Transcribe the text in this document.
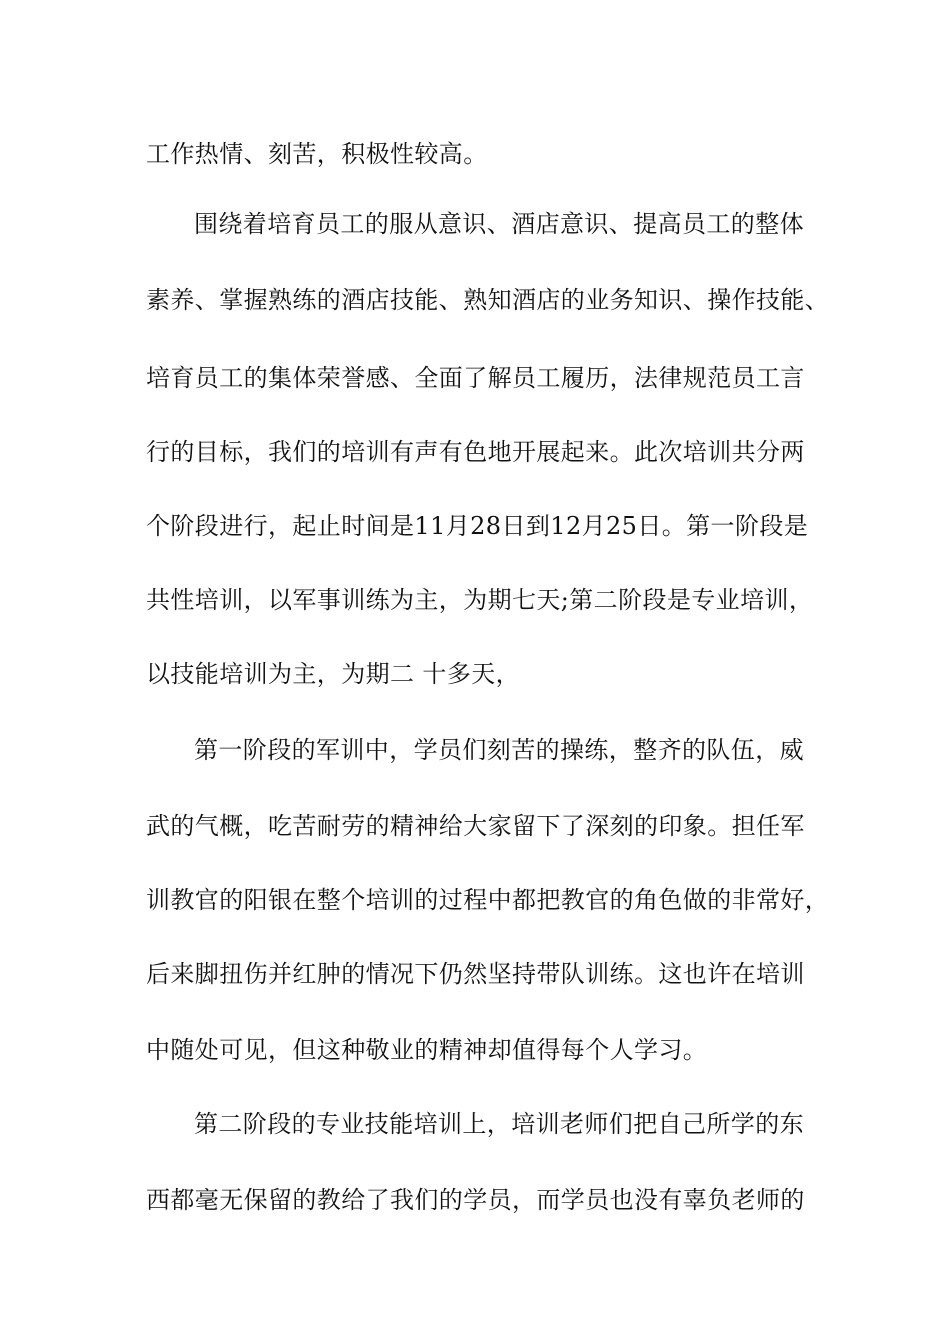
工作热情、刻苦，积极性较高。

围绕着培育员工的服从意识、酒店意识、提高员工的整体

素养、掌握熟练的酒店技能、熟知酒店的业务知识、操作技能、

培育员工的集体荣誉感、全面了解员工履历，法律规范员工言

行的目标，我们的培训有声有色地开展起来。此次培训共分两

个阶段进行，起止时间是11月28日到12月25日。第一阶段是

共性培训，以军事训练为主，为期七天;第二阶段是专业培训，

以技能培训为主，为期二 十多天，

第一阶段的军训中，学员们刻苦的操练，整齐的队伍，威

武的气概，吃苦耐劳的精神给大家留下了深刻的印象。担任军

训教官的阳银在整个培训的过程中都把教官的角色做的非常好，

后来脚扭伤并红肿的情况下仍然坚持带队训练。这也许在培训

中随处可见，但这种敬业的精神却值得每个人学习。

第二阶段的专业技能培训上，培训老师们把自己所学的东

西都毫无保留的教给了我们的学员，而学员也没有辜负老师的
